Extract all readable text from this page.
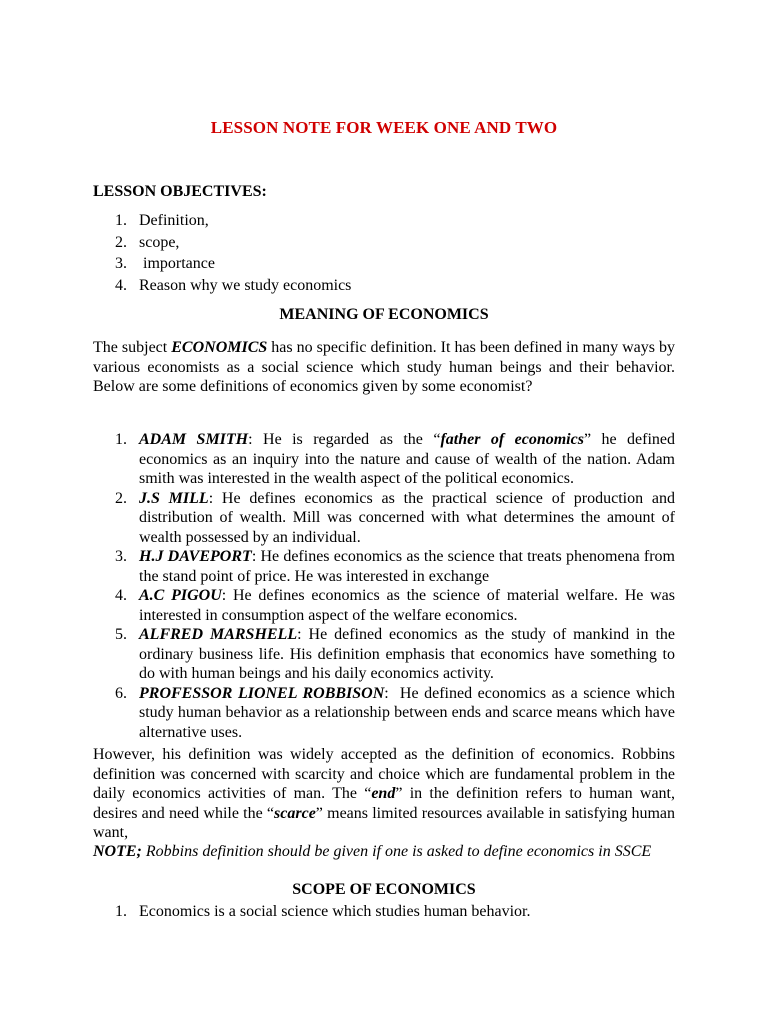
LESSON NOTE FOR WEEK ONE AND TWO
LESSON OBJECTIVES:
1. Definition,
2. scope,
3. importance
4. Reason why we study economics
MEANING OF ECONOMICS
The subject ECONOMICS has no specific definition. It has been defined in many ways by various economists as a social science which study human beings and their behavior. Below are some definitions of economics given by some economist?
1. ADAM SMITH: He is regarded as the “father of economics” he defined economics as an inquiry into the nature and cause of wealth of the nation. Adam smith was interested in the wealth aspect of the political economics.
2. J.S MILL: He defines economics as the practical science of production and distribution of wealth. Mill was concerned with what determines the amount of wealth possessed by an individual.
3. H.J DAVEPORT: He defines economics as the science that treats phenomena from the stand point of price. He was interested in exchange
4. A.C PIGOU: He defines economics as the science of material welfare. He was interested in consumption aspect of the welfare economics.
5. ALFRED MARSHELL: He defined economics as the study of mankind in the ordinary business life. His definition emphasis that economics have something to do with human beings and his daily economics activity.
6. PROFESSOR LIONEL ROBBISON:  He defined economics as a science which study human behavior as a relationship between ends and scarce means which have alternative uses.
However, his definition was widely accepted as the definition of economics. Robbins definition was concerned with scarcity and choice which are fundamental problem in the daily economics activities of man. The “end” in the definition refers to human want, desires and need while the “scarce” means limited resources available in satisfying human want,
NOTE; Robbins definition should be given if one is asked to define economics in SSCE
SCOPE OF ECONOMICS
1. Economics is a social science which studies human behavior.
